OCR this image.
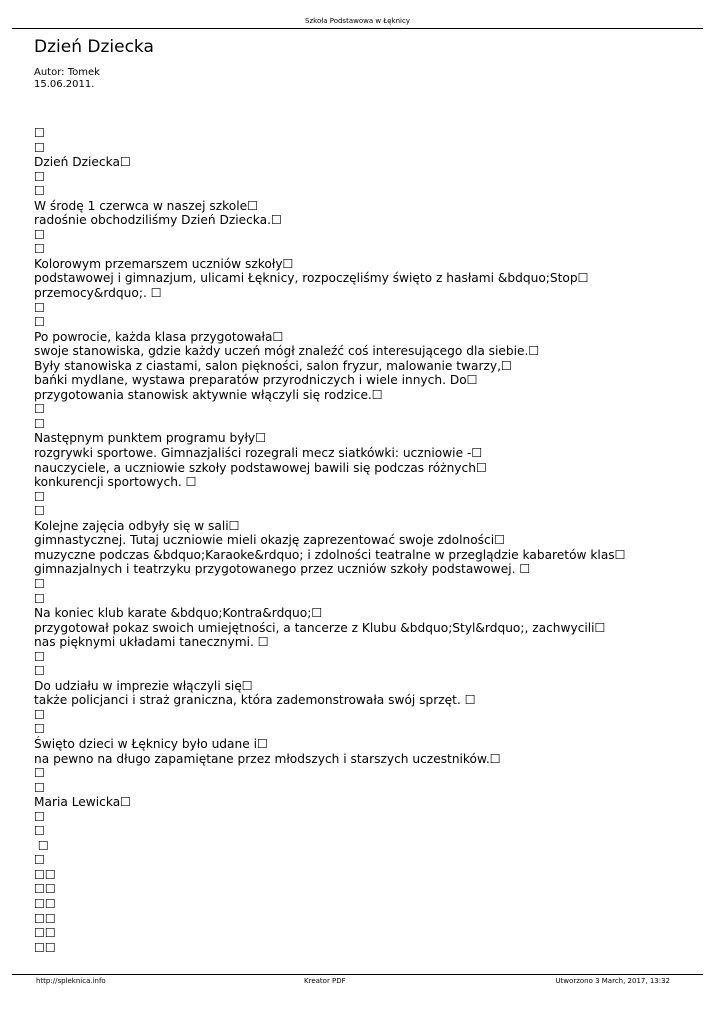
Szkoła Podstawowa w Łęknicy
Dzień Dziecka
Autor: Tomek
15.06.2011.
☐
☐
Dzień Dziecka☐
☐
☐
W środę 1 czerwca w naszej szkole☐
radośnie obchodziliśmy Dzień Dziecka.☐
☐
☐
Kolorowym przemarszem uczniów szkoły☐
podstawowej i gimnazjum, ulicami Łęknicy, rozpoczęliśmy święto z hasłami &bdquo;Stop☐
przemocy&rdquo;. ☐
☐
☐
Po powrocie, każda klasa przygotowała☐
swoje stanowiska, gdzie każdy uczeń mógł znaleźć coś interesującego dla siebie.☐
Były stanowiska z ciastami, salon piękności, salon fryzur, malowanie twarzy,☐
bańki mydlane, wystawa preparatów przyrodniczych i wiele innych. Do☐
przygotowania stanowisk aktywnie włączyli się rodzice.☐
☐
☐
Następnym punktem programu były☐
rozgrywki sportowe. Gimnazjaliści rozegrali mecz siatkówki: uczniowie -☐
nauczyciele, a uczniowie szkoły podstawowej bawili się podczas różnych☐
konkurencji sportowych. ☐
☐
☐
Kolejne zajęcia odbyły się w sali☐
gimnastycznej. Tutaj uczniowie mieli okazję zaprezentować swoje zdolności☐
muzyczne podczas &bdquo;Karaoke&rdquo; i zdolności teatralne w przeglądzie kabaretów klas☐
gimnazjalnych i teatrzyku przygotowanego przez uczniów szkoły podstawowej. ☐
☐
☐
Na koniec klub karate &bdquo;Kontra&rdquo;☐
przygotował pokaz swoich umiejętności, a tancerze z Klubu &bdquo;Styl&rdquo;, zachwycili☐
nas pięknymi układami tanecznymi. ☐
☐
☐
Do udziału w imprezie włączyli się☐
także policjanci i straż graniczna, która zademonstrowała swój sprzęt. ☐
☐
☐
Święto dzieci w Łęknicy było udane i☐
na pewno na długo zapamiętane przez młodszych i starszych uczestników.☐
☐
☐
Maria Lewicka☐
☐
☐
☐
☐
☐☐
☐☐
☐☐
☐☐
☐☐
☐☐
http://spleknica.info	Kreator PDF	Utworzono 3 March, 2017, 13:32
